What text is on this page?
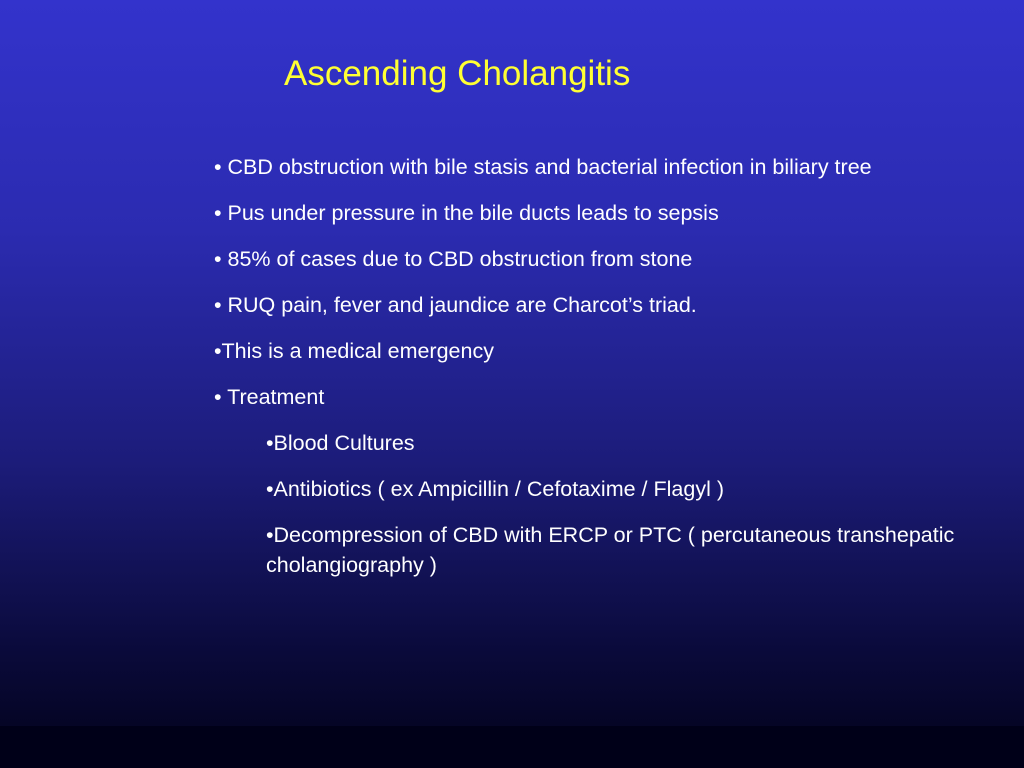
Ascending Cholangitis

• CBD obstruction with bile stasis and bacterial infection in biliary tree

• Pus under pressure in the bile ducts leads to sepsis

• 85% of cases due to CBD obstruction from stone

• RUQ pain, fever and jaundice are Charcot’s triad.

•This is a medical emergency

• Treatment

•Blood Cultures

•Antibiotics ( ex Ampicillin / Cefotaxime / Flagyl )

•Decompression of CBD with ERCP or PTC ( percutaneous transhepatic cholangiography )
